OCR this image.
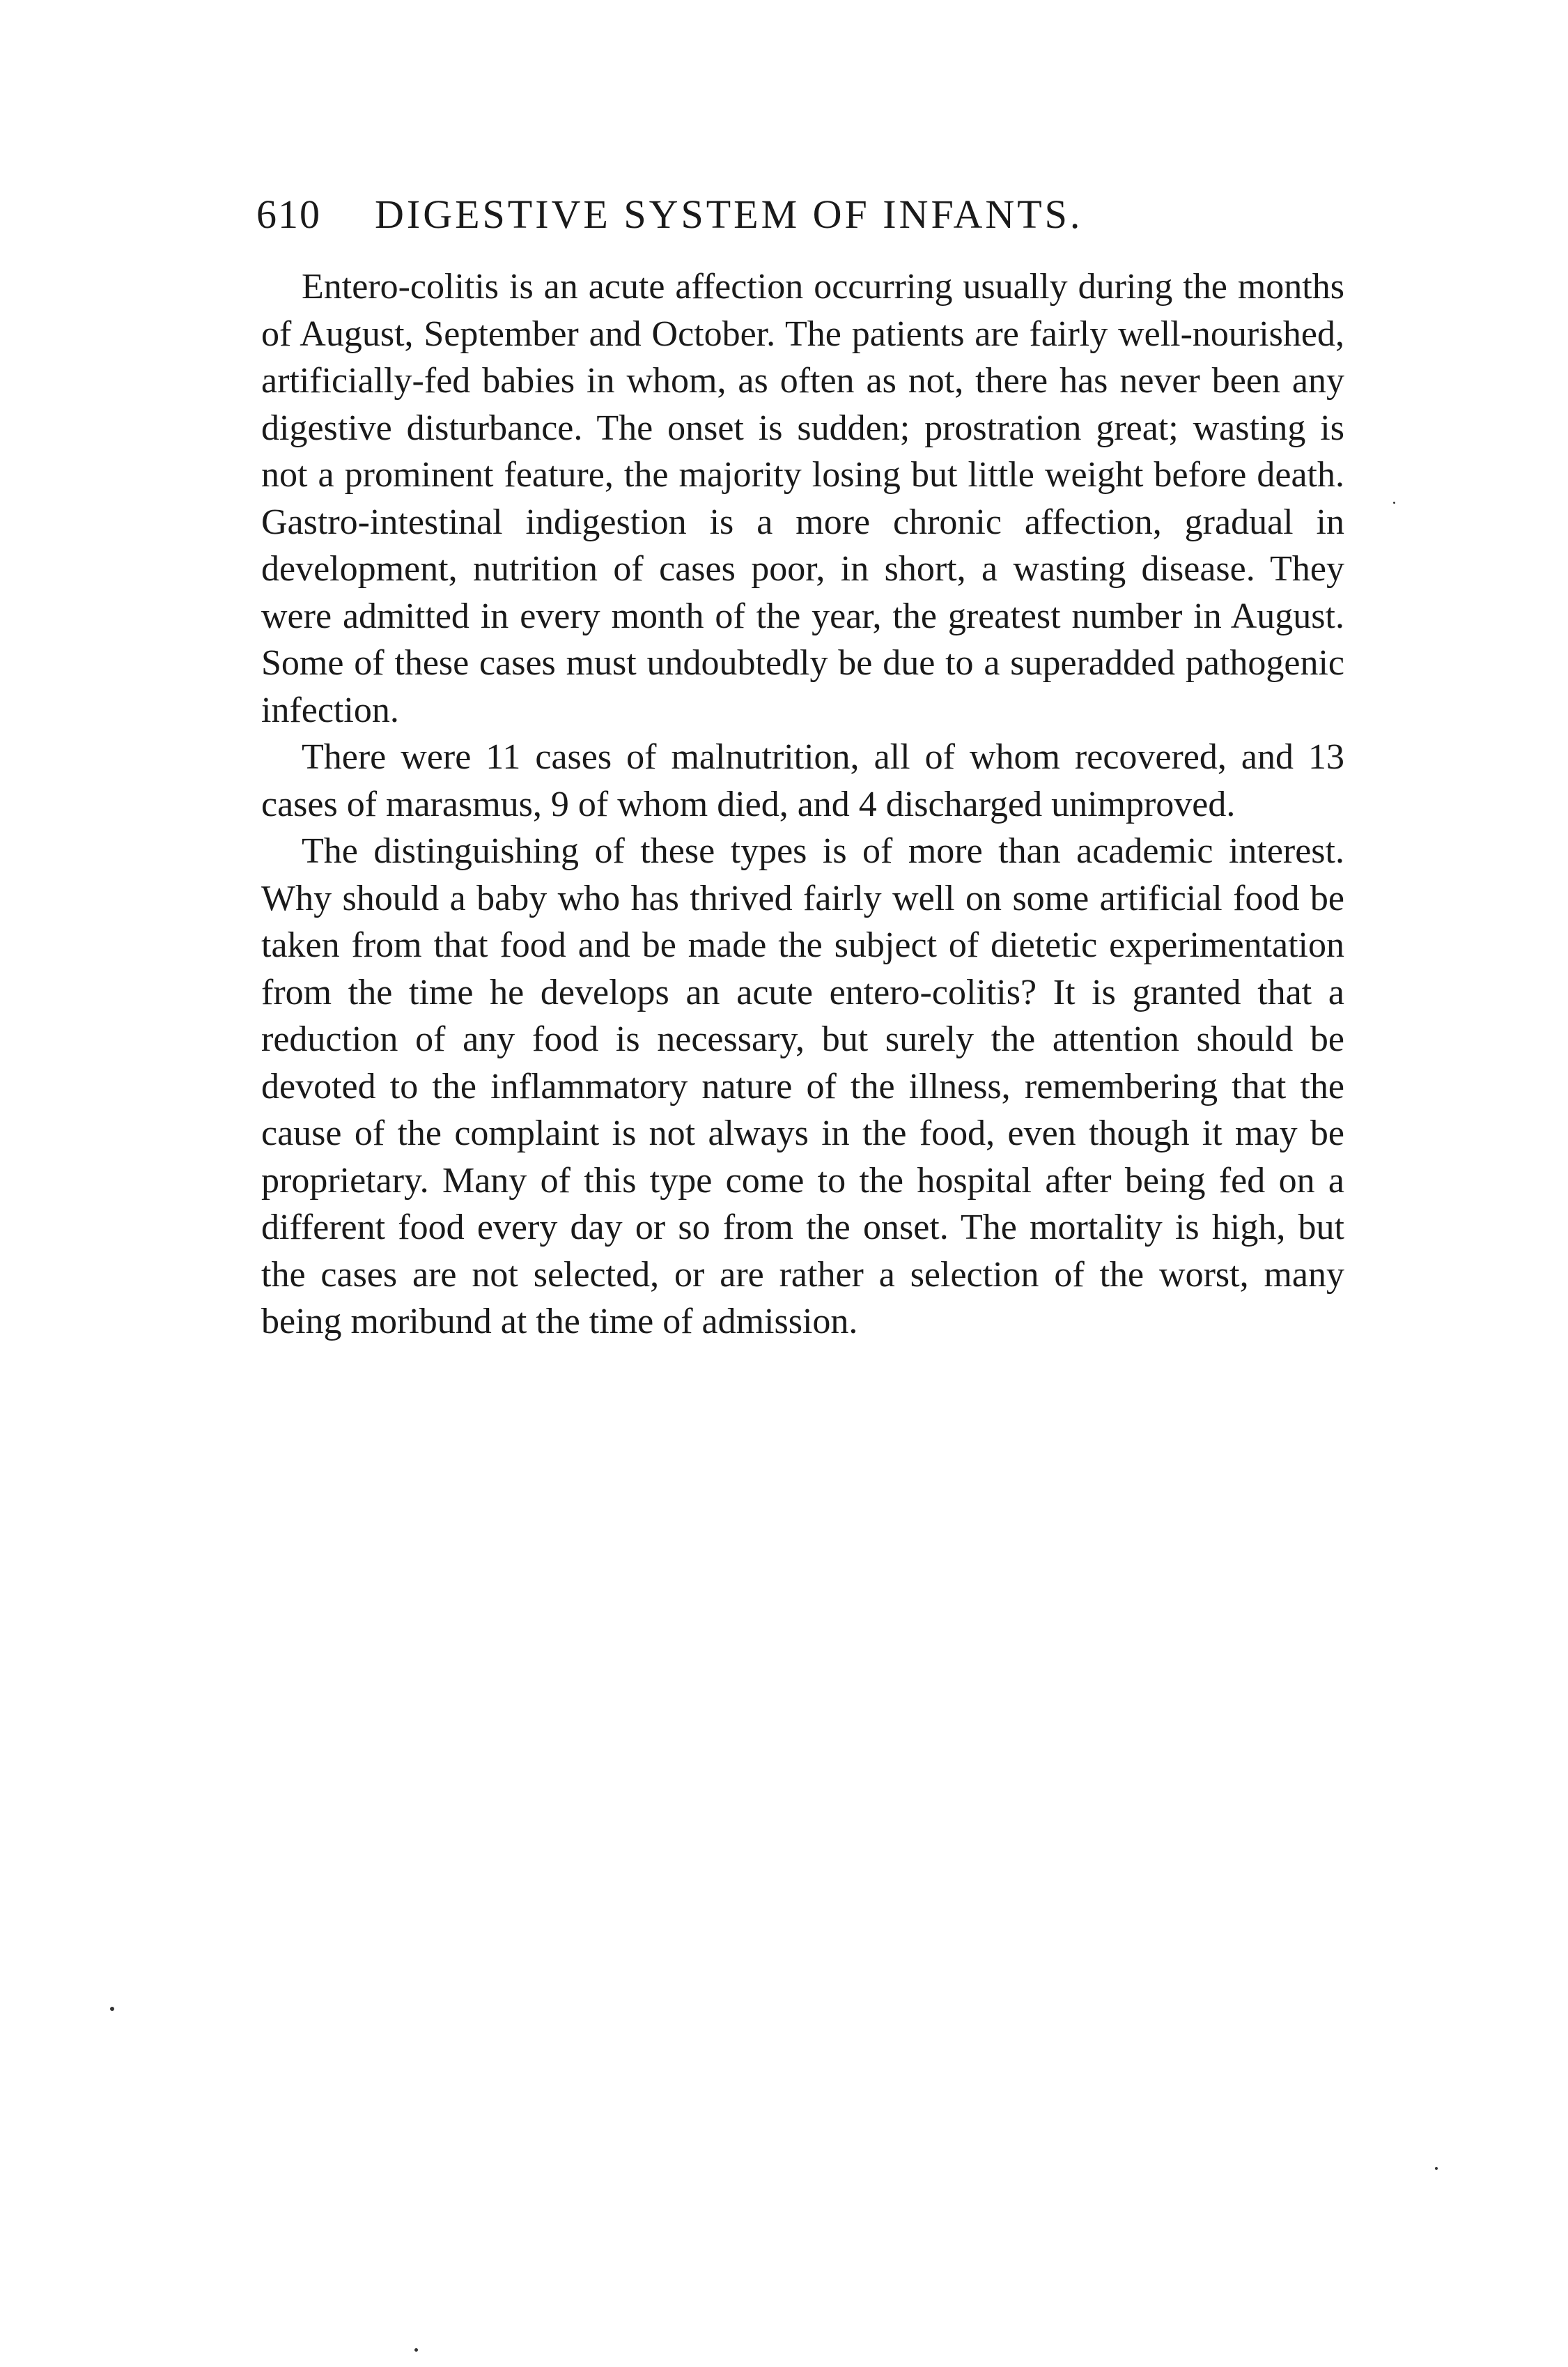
610 DIGESTIVE SYSTEM OF INFANTS.

Entero-colitis is an acute affection occurring usually during the months of August, September and October. The patients are fairly well-nourished, artificially-fed babies in whom, as often as not, there has never been any digestive disturbance. The onset is sudden; prostration great; wasting is not a prominent feature, the majority losing but little weight before death. Gastro-intestinal indigestion is a more chronic affection, gradual in development, nutrition of cases poor, in short, a wasting disease. They were admitted in every month of the year, the greatest number in August. Some of these cases must undoubtedly be due to a superadded pathogenic infection.

There were 11 cases of malnutrition, all of whom recovered, and 13 cases of marasmus, 9 of whom died, and 4 discharged unimproved.

The distinguishing of these types is of more than academic interest. Why should a baby who has thrived fairly well on some artificial food be taken from that food and be made the subject of dietetic experimentation from the time he develops an acute entero-colitis? It is granted that a reduction of any food is necessary, but surely the attention should be devoted to the inflammatory nature of the illness, remembering that the cause of the complaint is not always in the food, even though it may be proprietary. Many of this type come to the hospital after being fed on a different food every day or so from the onset. The mortality is high, but the cases are not selected, or are rather a selection of the worst, many being moribund at the time of admission.
